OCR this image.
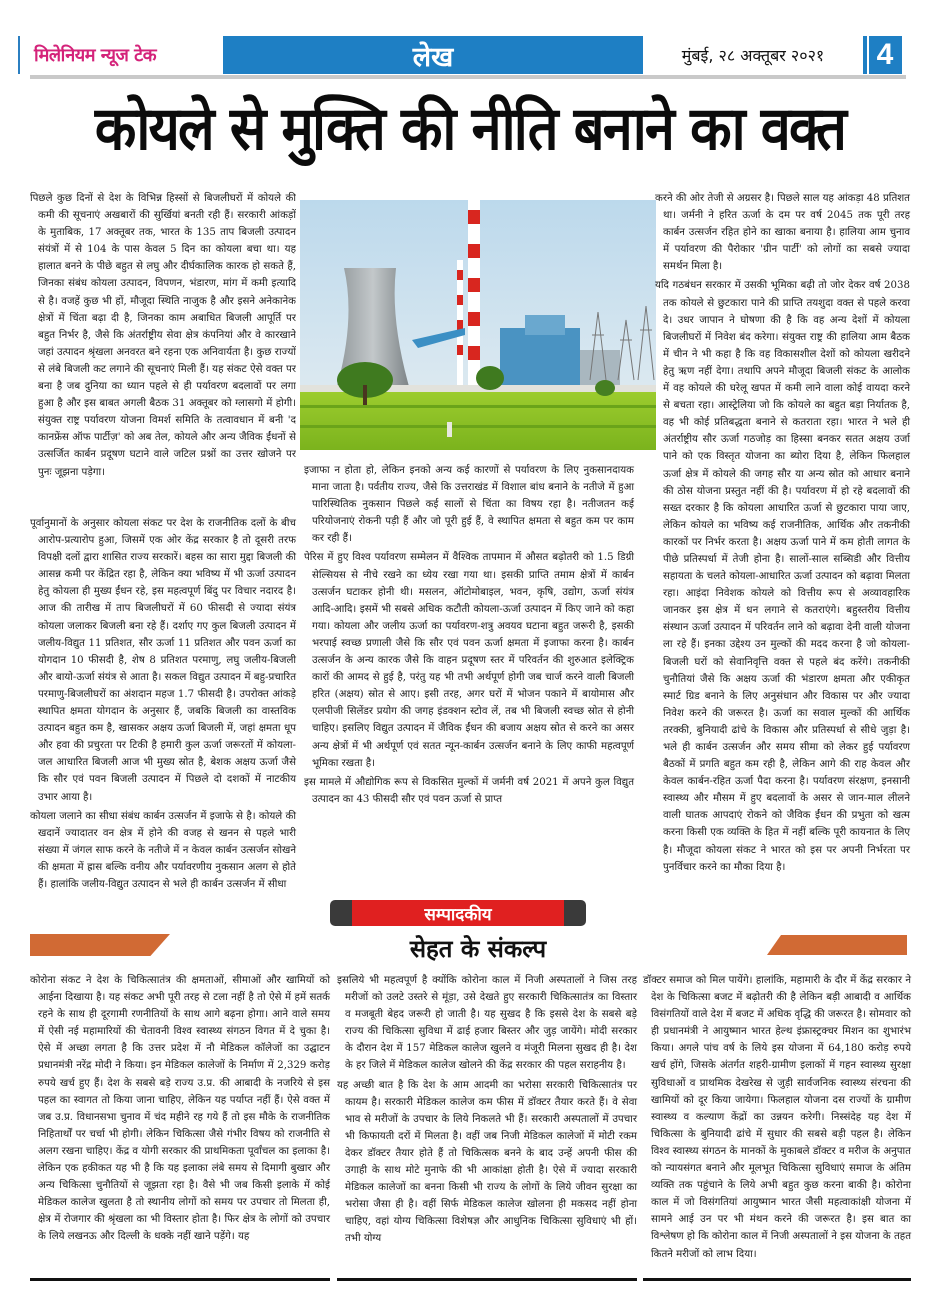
मिलेनियम न्यूज टेक	लेख	मुंबई, २८ अक्तूबर २०२१	4
कोयले से मुक्ति की नीति बनाने का वक्त

पिछले कुछ दिनों से देश के विभिन्न हिस्सों से बिजलीघरों में कोयले की कमी की सूचनाएं अखबारों की सुर्खियां बनती रही हैं। सरकारी आंकड़ों के मुताबिक, 17 अक्तूबर तक, भारत के 135 ताप बिजली उत्पादन संयंत्रों में से 104 के पास केवल 5 दिन का कोयला बचा था। यह हालात बनने के पीछे बहुत से लघु और दीर्घकालिक कारक हो सकते हैं, जिनका संबंध कोयला उत्पादन, विपणन, भंडारण, मांग में कमी इत्यादि से है। वजहें कुछ भी हों, मौजूदा स्थिति नाजुक है और इसने अनेकानेक क्षेत्रों में चिंता बढ़ा दी है, जिनका काम अबाधित बिजली आपूर्ति पर बहुत निर्भर है, जैसे कि अंतर्राष्ट्रीय सेवा क्षेत्र कंपनियां और वे कारखाने जहां उत्पादन श्रृंखला अनवरत बने रहना एक अनिवार्यता है। कुछ राज्यों से लंबे बिजली कट लगाने की सूचनाएं मिली हैं। यह संकट ऐसे वक्त पर बना है जब दुनिया का ध्यान पहले से ही पर्यावरण बदलावों पर लगा हुआ है और इस बाबत अगली बैठक 31 अक्तूबर को ग्लासगो में होगी। संयुक्त राष्ट्र पर्यावरण योजना विमर्श समिति के तत्वावधान में बनी 'द कानफ्रेंस ऑफ पार्टीज़' को अब तेल, कोयले और अन्य जैविक ईंधनों से उत्सर्जित कार्बन प्रदूषण घटाने वाले जटिल प्रश्नों का उत्तर खोजने पर पुनः जूझना पड़ेगा।

पूर्वानुमानों के अनुसार कोयला संकट पर देश के राजनीतिक दलों के बीच आरोप-प्रत्यारोप हुआ, जिसमें एक ओर केंद्र सरकार है तो दूसरी तरफ विपक्षी दलों द्वारा शासित राज्य सरकारें। बहस का सारा मुद्दा बिजली की आसन्न कमी पर केंद्रित रहा है, लेकिन क्या भविष्य में भी ऊर्जा उत्पादन हेतु कोयला ही मुख्य ईंधन रहे, इस महत्वपूर्ण बिंदु पर विचार नदारद है। आज की तारीख में ताप बिजलीघरों में 60 फीसदी से ज्यादा संयंत्र कोयला जलाकर बिजली बना रहे हैं। दर्शाए गए कुल बिजली उत्पादन में जलीय-विद्युत 11 प्रतिशत, सौर ऊर्जा 11 प्रतिशत और पवन ऊर्जा का योगदान 10 फीसदी है, शेष 8 प्रतिशत परमाणु, लघु जलीय-बिजली और बायो-ऊर्जा संयंत्र से आता है। सकल विद्युत उत्पादन में बहु-प्रचारित परमाणु-बिजलीघरों का अंशदान महज 1.7 फीसदी है। उपरोक्त आंकड़े स्थापित क्षमता योगदान के अनुसार हैं, जबकि बिजली का वास्तविक उत्पादन बहुत कम है, खासकर अक्षय ऊर्जा बिजली में, जहां क्षमता धूप और हवा की प्रचुरता पर टिकी है हमारी कुल ऊर्जा जरूरतों में कोयला-जल आधारित बिजली आज भी मुख्य स्रोत है, बेशक अक्षय ऊर्जा जैसे कि सौर एवं पवन बिजली उत्पादन में पिछले दो दशकों में नाटकीय उभार आया है।

कोयला जलाने का सीधा संबंध कार्बन उत्सर्जन में इजाफे से है। कोयले की खदानें ज्यादातर वन क्षेत्र में होने की वजह से खनन से पहले भारी संख्या में जंगल साफ करने के नतीजे में न केवल कार्बन उत्सर्जन सोखने की क्षमता में ह्रास बल्कि वनीय और पर्यावरणीय नुकसान अलग से होते हैं। हालांकि जलीय-विद्युत उत्पादन से भले ही कार्बन उत्सर्जन में सीधा

इजाफा न होता हो, लेकिन इनको अन्य कई कारणों से पर्यावरण के लिए नुकसानदायक माना जाता है। पर्वतीय राज्य, जैसे कि उत्तराखंड में विशाल बांध बनाने के नतीजे में हुआ पारिस्थितिक नुकसान पिछले कई सालों से चिंता का विषय रहा है। नतीजतन कई परियोजनाएं रोकनी पड़ी हैं और जो पूरी हुई हैं, वे स्थापित क्षमता से बहुत कम पर काम कर रही हैं।

पेरिस में हुए विश्व पर्यावरण सम्मेलन में वैश्विक तापमान में औसत बढ़ोतरी को 1.5 डिग्री सेल्सियस से नीचे रखने का ध्येय रखा गया था। इसकी प्राप्ति तमाम क्षेत्रों में कार्बन उत्सर्जन घटाकर होनी थी। मसलन, ऑटोमोबाइल, भवन, कृषि, उद्योग, ऊर्जा संयंत्र आदि-आदि। इसमें भी सबसे अधिक कटौती कोयला-ऊर्जा उत्पादन में किए जाने को कहा गया। कोयला और जलीय ऊर्जा का पर्यावरण-शत्रु अवयव घटाना बहुत जरूरी है, इसकी भरपाई स्वच्छ प्रणाली जैसे कि सौर एवं पवन ऊर्जा क्षमता में इजाफा करना है। कार्बन उत्सर्जन के अन्य कारक जैसे कि वाहन प्रदूषण स्तर में परिवर्तन की शुरुआत इलेक्ट्रिक कारों की आमद से हुई है, परंतु यह भी तभी अर्थपूर्ण होगी जब चार्ज करने वाली बिजली हरित (अक्षय) स्रोत से आए। इसी तरह, अगर घरों में भोजन पकाने में बायोमास और एलपीजी सिलेंडर प्रयोग की जगह इंडक्शन स्टोव लें, तब भी बिजली स्वच्छ स्रोत से होनी चाहिए। इसलिए विद्युत उत्पादन में जैविक ईंधन की बजाय अक्षय स्रोत से करने का असर अन्य क्षेत्रों में भी अर्थपूर्ण एवं सतत न्यून-कार्बन उत्सर्जन बनाने के लिए काफी महत्वपूर्ण भूमिका रखता है।

इस मामले में औद्योगिक रूप से विकसित मुल्कों में जर्मनी वर्ष 2021 में अपने कुल विद्युत उत्पादन का 43 फीसदी सौर एवं पवन ऊर्जा से प्राप्त

करने की ओर तेजी से अग्रसर है। पिछले साल यह आंकड़ा 48 प्रतिशत था। जर्मनी ने हरित ऊर्जा के दम पर वर्ष 2045 तक पूरी तरह कार्बन उत्सर्जन रहित होने का खाका बनाया है। हालिया आम चुनाव में पर्यावरण की पैरोकार 'ग्रीन पार्टी' को लोगों का सबसे ज्यादा समर्थन मिला है।

यदि गठबंधन सरकार में उसकी भूमिका बढ़ी तो जोर देकर वर्ष 2038 तक कोयले से छुटकारा पाने की प्राप्ति तयशुदा वक्त से पहले करवा दे। उधर जापान ने घोषणा की है कि वह अन्य देशों में कोयला बिजलीघरों में निवेश बंद करेगा। संयुक्त राष्ट्र की हालिया आम बैठक में चीन ने भी कहा है कि वह विकासशील देशों को कोयला खरीदने हेतु ऋण नहीं देगा। तथापि अपने मौजूदा बिजली संकट के आलोक में वह कोयले की घरेलू खपत में कमी लाने वाला कोई वायदा करने से बचता रहा। आस्ट्रेलिया जो कि कोयले का बहुत बड़ा निर्यातक है, वह भी कोई प्रतिबद्धता बनाने से कतराता रहा। भारत ने भले ही अंतर्राष्ट्रीय सौर ऊर्जा गठजोड़ का हिस्सा बनकर सतत अक्षय उर्जा पाने को एक विस्तृत योजना का ब्योरा दिया है, लेकिन फिलहाल ऊर्जा क्षेत्र में कोयले की जगह सौर या अन्य स्रोत को आधार बनाने की ठोस योजना प्रस्तुत नहीं की है। पर्यावरण में हो रहे बदलावों की सख्त दरकार है कि कोयला आधारित ऊर्जा से छुटकारा पाया जाए, लेकिन कोयले का भविष्य कई राजनीतिक, आर्थिक और तकनीकी कारकों पर निर्भर करता है। अक्षय ऊर्जा पाने में कम होती लागत के पीछे प्रतिस्पर्धा में तेजी होना है। सालों-साल सब्सिडी और वित्तीय सहायता के चलते कोयला-आधारित ऊर्जा उत्पादन को बढ़ावा मिलता रहा। आइंदा निवेशक कोयले को वित्तीय रूप से अव्यावहारिक जानकर इस क्षेत्र में धन लगाने से कतराएंगे। बहुस्तरीय वित्तीय संस्थान ऊर्जा उत्पादन में परिवर्तन लाने को बढ़ावा देनी वाली योजना ला रहे हैं। इनका उद्देश्य उन मुल्कों की मदद करना है जो कोयला-बिजली घरों को सेवानिवृत्ति वक्त से पहले बंद करेंगे। तकनीकी चुनौतियां जैसे कि अक्षय ऊर्जा की भंडारण क्षमता और एकीकृत स्मार्ट ग्रिड बनाने के लिए अनुसंधान और विकास पर और ज्यादा निवेश करने की जरूरत है। ऊर्जा का सवाल मुल्कों की आर्थिक तरक्की, बुनियादी ढांचे के विकास और प्रतिस्पर्धा से सीधे जुड़ा है। भले ही कार्बन उत्सर्जन और समय सीमा को लेकर हुई पर्यावरण बैठकों में प्रगति बहुत कम रही है, लेकिन आगे की राह केवल और केवल कार्बन-रहित ऊर्जा पैदा करना है। पर्यावरण संरक्षण, इनसानी स्वास्थ्य और मौसम में हुए बदलावों के असर से जान-माल लीलने वाली घातक आपदाएं रोकने को जैविक ईंधन की प्रभुता को खत्म करना किसी एक व्यक्ति के हित में नहीं बल्कि पूरी कायनात के लिए है। मौजूदा कोयला संकट ने भारत को इस पर अपनी निर्भरता पर पुनर्विचार करने का मौका दिया है।

सम्पादकीय
सेहत के संकल्प

कोरोना संकट ने देश के चिकित्सातंत्र की क्षमताओं, सीमाओं और खामियों को आईना दिखाया है। यह संकट अभी पूरी तरह से टला नहीं है तो ऐसे में हमें सतर्क रहने के साथ ही दूरगामी रणनीतियों के साथ आगे बढ़ना होगा। आने वाले समय में ऐसी नई महामारियों की चेतावनी विश्व स्वास्थ्य संगठन विगत में दे चुका है। ऐसे में अच्छा लगता है कि उत्तर प्रदेश में नौ मेडिकल कॉलेजों का उद्घाटन प्रधानमंत्री नरेंद्र मोदी ने किया। इन मेडिकल कालेजों के निर्माण में 2,329 करोड़ रुपये खर्च हुए हैं। देश के सबसे बड़े राज्य उ.प्र. की आबादी के नजरिये से इस पहल का स्वागत तो किया जाना चाहिए, लेकिन यह पर्याप्त नहीं हैं। ऐसे वक्त में जब उ.प्र. विधानसभा चुनाव में चंद महीने रह गये हैं तो इस मौके के राजनीतिक निहितार्थों पर चर्चा भी होगी। लेकिन चिकित्सा जैसे गंभीर विषय को राजनीति से अलग रखना चाहिए। केंद्र व योगी सरकार की प्राथमिकता पूर्वांचल का इलाका है। लेकिन एक हकीकत यह भी है कि यह इलाका लंबे समय से दिमागी बुखार और अन्य चिकित्सा चुनौतियों से जूझता रहा है। वैसे भी जब किसी इलाके में कोई मेडिकल कालेज खुलता है तो स्थानीय लोगों को समय पर उपचार तो मिलता ही, क्षेत्र में रोजगार की श्रृंखला का भी विस्तार होता है। फिर क्षेत्र के लोगों को उपचार के लिये लखनऊ और दिल्ली के धक्के नहीं खाने पड़ेंगे। यह

इसलिये भी महत्वपूर्ण है क्योंकि कोरोना काल में निजी अस्पतालों ने जिस तरह मरीजों को उलटे उस्तरे से मूंड़ा, उसे देखते हुए सरकारी चिकित्सातंत्र का विस्तार व मजबूती बेहद जरूरी हो जाती है। यह सुखद है कि इससे देश के सबसे बड़े राज्य की चिकित्सा सुविधा में ढाई हजार बिस्तर और जुड़ जायेंगे। मोदी सरकार के दौरान देश में 157 मेडिकल कालेज खुलने व मंजूरी मिलना सुखद ही है। देश के हर जिले में मेडिकल कालेज खोलने की केंद्र सरकार की पहल सराहनीय है।

यह अच्छी बात है कि देश के आम आदमी का भरोसा सरकारी चिकित्सातंत्र पर कायम है। सरकारी मेडिकल कालेज कम फीस में डॉक्टर तैयार करते हैं। वे सेवा भाव से मरीजों के उपचार के लिये निकलते भी हैं। सरकारी अस्पतालों में उपचार भी किफायती दरों में मिलता है। वहीं जब निजी मेडिकल कालेजों में मोटी रकम देकर डॉक्टर तैयार होते हैं तो चिकित्सक बनने के बाद उन्हें अपनी फीस की उगाही के साथ मोटे मुनाफे की भी आकांक्षा होती है। ऐसे में ज्यादा सरकारी मेडिकल कालेजों का बनना किसी भी राज्य के लोगों के लिये जीवन सुरक्षा का भरोसा जैसा ही है। वहीं सिर्फ मेडिकल कालेज खोलना ही मकसद नहीं होना चाहिए, वहां योग्य चिकित्सा विशेषज्ञ और आधुनिक चिकित्सा सुविधाएं भी हों। तभी योग्य

डॉक्टर समाज को मिल पायेंगे। हालांकि, महामारी के दौर में केंद्र सरकार ने देश के चिकित्सा बजट में बढ़ोतरी की है लेकिन बड़ी आबादी व आर्थिक विसंगतियों वाले देश में बजट में अधिक वृद्धि की जरूरत है। सोमवार को ही प्रधानमंत्री ने आयुष्मान भारत हेल्थ इंफ्रास्ट्रक्चर मिशन का शुभारंभ किया। अगले पांच वर्ष के लिये इस योजना में 64,180 करोड़ रुपये खर्च होंगे, जिसके अंतर्गत शहरी-ग्रामीण इलाकों में गहन स्वास्थ्य सुरक्षा सुविधाओं व प्राथमिक देखरेख से जुड़ी सार्वजनिक स्वास्थ्य संरचना की खामियों को दूर किया जायेगा। फिलहाल योजना दस राज्यों के ग्रामीण स्वास्थ्य व कल्याण केंद्रों का उन्नयन करेगी। निस्संदेह यह देश में चिकित्सा के बुनियादी ढांचे में सुधार की सबसे बड़ी पहल है। लेकिन विश्व स्वास्थ्य संगठन के मानकों के मुकाबले डॉक्टर व मरीज के अनुपात को न्यायसंगत बनाने और मूलभूत चिकित्सा सुविधाएं समाज के अंतिम व्यक्ति तक पहुंचाने के लिये अभी बहुत कुछ करना बाकी है। कोरोना काल में जो विसंगतियां आयुष्मान भारत जैसी महत्वाकांक्षी योजना में सामने आई उन पर भी मंथन करने की जरूरत है। इस बात का विश्लेषण हो कि कोरोना काल में निजी अस्पतालों ने इस योजना के तहत कितने मरीजों को लाभ दिया।
